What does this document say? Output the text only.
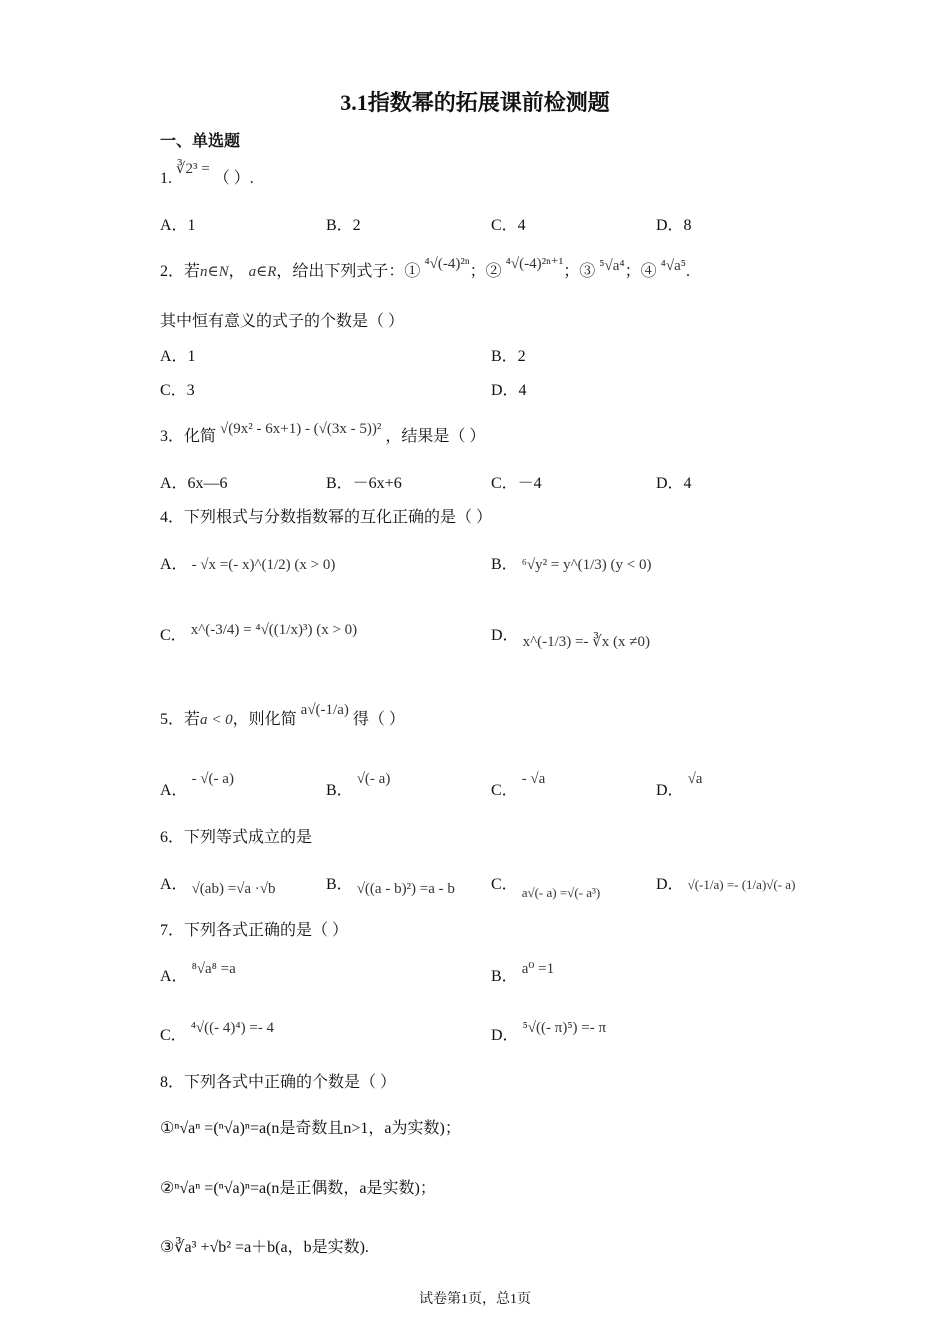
3.1指数幂的拓展课前检测题
一、单选题
1. ∛2³ = （ ）.
A．1	B．2	C．4	D．8
2．若n∈N， a∈R，给出下列式子：① ⁴√(-4)²ⁿ；② ⁴√(-4)²ⁿ⁺¹；③ ⁵√a⁴；④ ⁴√a⁵.
其中恒有意义的式子的个数是（ ）
A．1	B．2
C．3	D．4
3．化简 √(9x² - 6x+1) - (√(3x - 5))² ，结果是（ ）
A．6x—6	B．－6x+6	C．－4	D．4
4．下列根式与分数指数幂的互化正确的是（ ）
A． - √x =(- x)^(1/2) (x > 0)	B． ⁶√y² = y^(1/3) (y < 0)
C． x^(-3/4) = ⁴√((1/x)³) (x > 0)	D． x^(-1/3) =- ∛x (x ≠0)
5．若a < 0，则化简 a√(-1/a) 得（ ）
A． - √(- a)
B． √(- a)
C． - √a
D． √a
6．下列等式成立的是
A． √(ab) =√a ·√b	B． √((a - b)²) =a - b C． $_{a√(- a) =√(- a^3)}$	D． √(-1/a) =- (1/a)√(- a)
7．下列各式正确的是（ ）
A． ⁸√a⁸ =a	B． a⁰ =1
C． ⁴√((- 4)⁴) =- 4	D． ⁵√((- π)⁵) =- π
8．下列各式中正确的个数是（ ）
①ⁿ√aⁿ =(ⁿ√a)ⁿ=a(n是奇数且n>1，a为实数)；
②ⁿ√aⁿ =(ⁿ√a)ⁿ=a(n是正偶数，a是实数)；
③∛a³ +√b² =a＋b(a，b是实数).
试卷第1页，总1页
